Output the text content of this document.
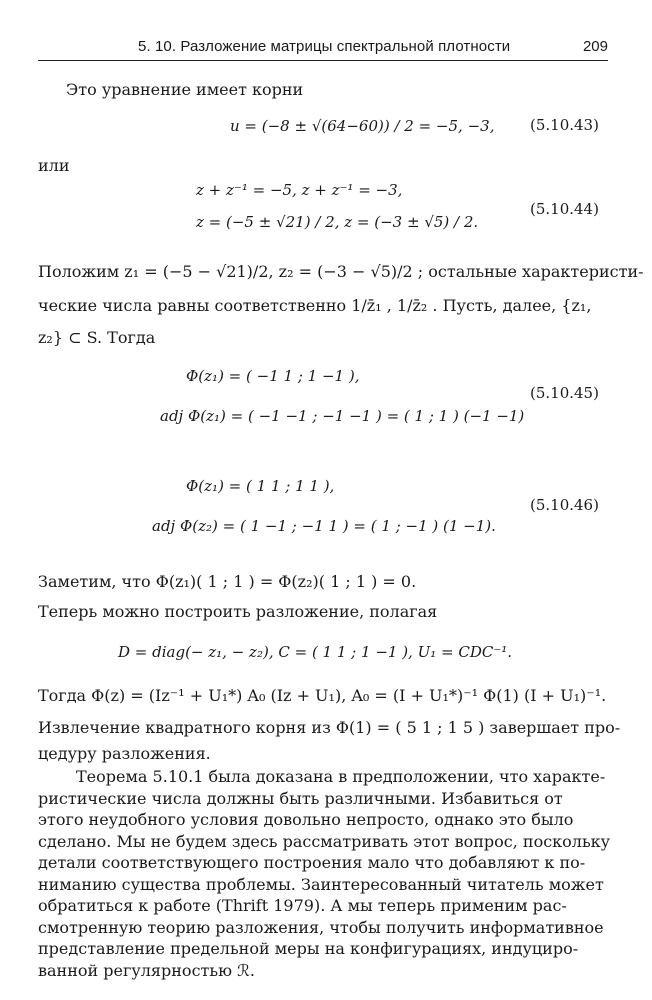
5. 10. Разложение матрицы спектральной плотности	209
Это уравнение имеет корни
u = (−8 ± √(64−60)) / 2 = −5, −3, (5.10.43)
или
z + z⁻¹ = −5, z + z⁻¹ = −3,
z = (−5 ± √21) / 2, z = (−3 ± √5) / 2.
(5.10.44)
Положим z₁ = (−5 − √21)/2, z₂ = (−3 − √5)/2 ; остальные характеристи-
ческие числа равны соответственно 1/z̄₁ , 1/z̄₂ . Пусть, далее, {z₁,
z₂} ⊂ S. Тогда
Φ(z₁) = ( −1 1 ; 1 −1 ),
adj Φ(z₁) = ( −1 −1 ; −1 −1 ) = ( 1 ; 1 ) (−1 −1)
(5.10.45)
Φ(z₁) = ( 1 1 ; 1 1 ),
adj Φ(z₂) = ( 1 −1 ; −1 1 ) = ( 1 ; −1 ) (1 −1).
(5.10.46)
Заметим, что Φ(z₁)( 1 ; 1 ) = Φ(z₂)( 1 ; 1 ) = 0.
Теперь можно построить разложение, полагая
D = diag(− z₁, − z₂), C = ( 1 1 ; 1 −1 ), U₁ = CDC⁻¹.
Тогда Φ(z) = (Iz⁻¹ + U₁*) A₀ (Iz + U₁), A₀ = (I + U₁*)⁻¹ Φ(1) (I + U₁)⁻¹.
Извлечение квадратного корня из Φ(1) = ( 5 1 ; 1 5 ) завершает про-
цедуру разложения.
Теорема 5.10.1 была доказана в предположении, что характе-
ристические числа должны быть различными. Избавиться от
этого неудобного условия довольно непросто, однако это было
сделано. Мы не будем здесь рассматривать этот вопрос, поскольку
детали соответствующего построения мало что добавляют к по-
ниманию существа проблемы. Заинтересованный читатель может
обратиться к работе (Thrift 1979). А мы теперь применим рас-
смотренную теорию разложения, чтобы получить информативное
представление предельной меры на конфигурациях, индуциро-
ванной регулярностью ℛ.
